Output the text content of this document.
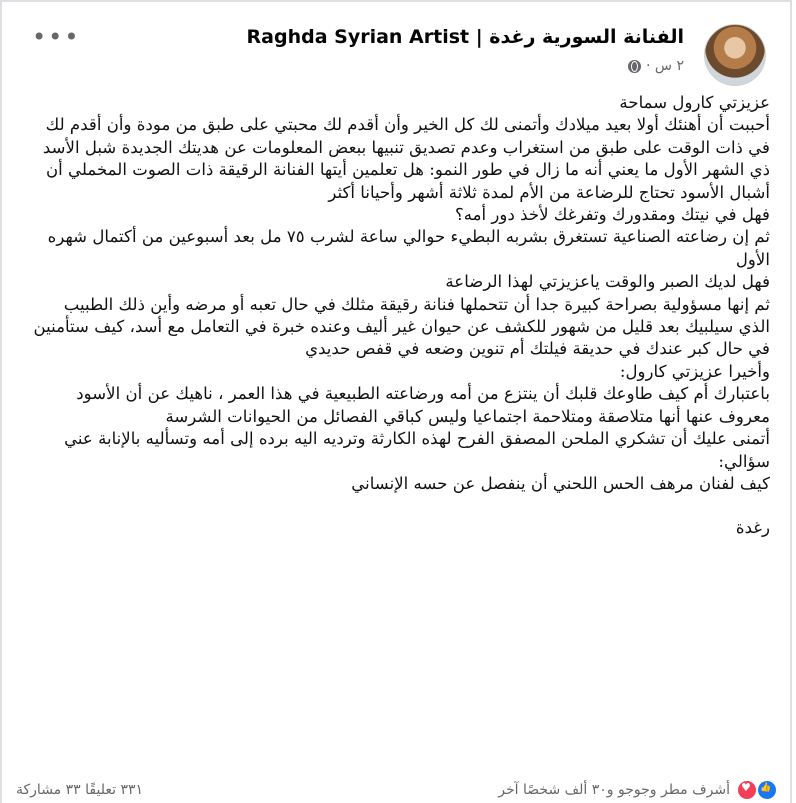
Raghda Syrian Artist | الفنانة السورية رغدة
٢ س ·
•••

عزيزتي كارول سماحة

أحببت أن أهنئك أولا بعيد ميلادك وأتمنى لك كل الخير وأن أقدم لك محبتي على طبق من مودة وأن أقدم لك في ذات الوقت على طبق من استغراب وعدم تصديق تنبيها ببعض المعلومات عن هديتك الجديدة شبل الأسد ذي الشهر الأول ما يعني أنه ما زال في طور النمو: هل تعلمين أيتها الفنانة الرقيقة ذات الصوت المخملي أن أشبال الأسود تحتاج للرضاعة من الأم لمدة ثلاثة أشهر وأحيانا أكثر

فهل في نيتك ومقدورك وتفرغك لأخذ دور أمه؟

ثم إن رضاعته الصناعية تستغرق بشربه البطيء حوالي ساعة لشرب ٧٥ مل بعد أسبوعين من أكتمال شهره الأول

فهل لديك الصبر والوقت ياعزيزتي لهذا الرضاعة

ثم إنها مسؤولية بصراحة كبيرة جدا أن تتحملها فنانة رقيقة مثلك في حال تعبه أو مرضه وأين ذلك الطبيب الذي سيلبيك بعد قليل من شهور للكشف عن حيوان غير أليف وعنده خبرة في التعامل مع أسد، كيف ستأمنين في حال كبر عندك في حديقة فيلتك أم تنوين وضعه في قفص حديدي

وأخيرا عزيزتي كارول:

باعتبارك أم كيف طاوعك قلبك أن ينتزع من أمه ورضاعته الطبيعية في هذا العمر ، ناهيك عن أن الأسود معروف عنها أنها متلاصقة ومتلاحمة اجتماعيا وليس كباقي الفصائل من الحيوانات الشرسة

أتمنى عليك أن تشكري الملحن المصفق الفرح لهذه الكارثة وترديه اليه برده إلى أمه وتسأليه بالإنابة عني سؤالي:

كيف لفنان مرهف الحس اللحني أن ينفصل عن حسه الإنساني

رغدة

👍
♥
أشرف مطر وجوجو و٣٠ ألف شخصًا آخر
٣٣١ تعليقًا ٣٣ مشاركة
